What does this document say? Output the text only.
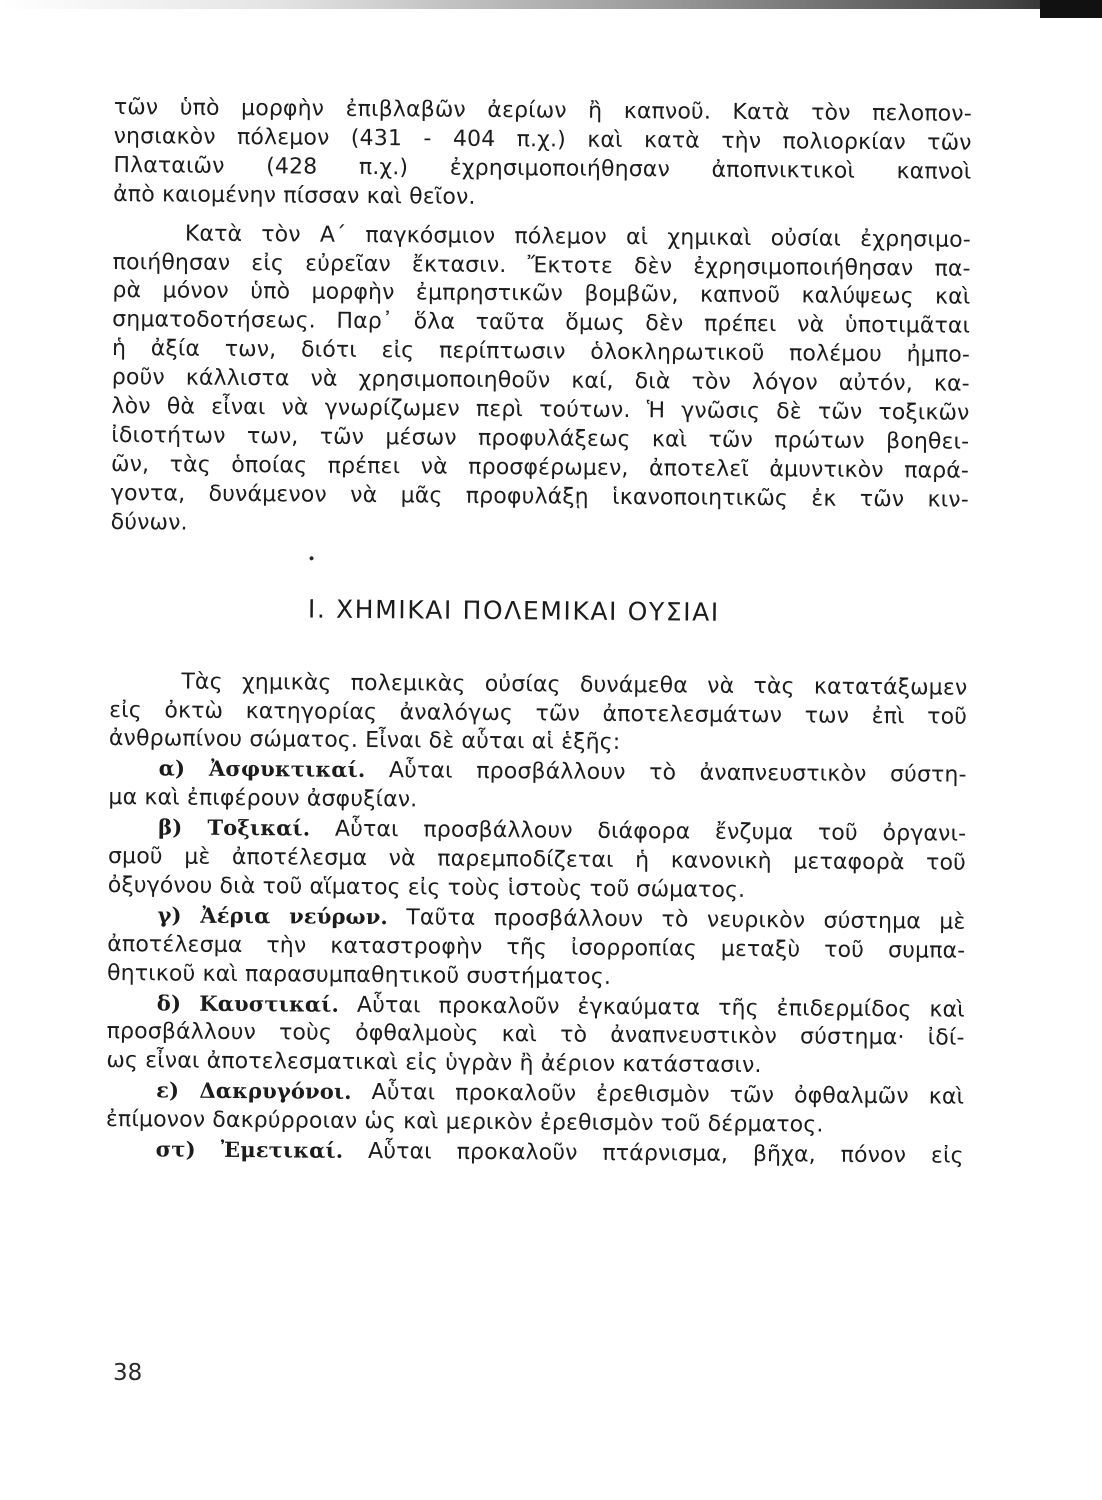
τῶν ὑπὸ μορφὴν ἐπιβλαβῶν ἀερίων ἢ καπνοῦ. Κατὰ τὸν πελοπον-
νησιακὸν πόλεμον (431 - 404 π.χ.) καὶ κατὰ τὴν πολιορκίαν τῶν
Πλαταιῶν (428 π.χ.) ἐχρησιμοποιήθησαν ἀποπνικτικοὶ καπνοὶ
ἀπὸ καιομένην πίσσαν καὶ θεῖον.
Κατὰ τὸν Α΄ παγκόσμιον πόλεμον αἱ χημικαὶ οὐσίαι ἐχρησιμο-
ποιήθησαν εἰς εὐρεῖαν ἔκτασιν. Ἔκτοτε δὲν ἐχρησιμοποιήθησαν πα-
ρὰ μόνον ὑπὸ μορφὴν ἐμπρηστικῶν βομβῶν, καπνοῦ καλύψεως καὶ
σηματοδοτήσεως. Παρ᾽ ὅλα ταῦτα ὅμως δὲν πρέπει νὰ ὑποτιμᾶται
ἡ ἀξία των, διότι εἰς περίπτωσιν ὁλοκληρωτικοῦ πολέμου ἠμπο-
ροῦν κάλλιστα νὰ χρησιμοποιηθοῦν καί, διὰ τὸν λόγον αὐτόν, κα-
λὸν θὰ εἶναι νὰ γνωρίζωμεν περὶ τούτων. Ἡ γνῶσις δὲ τῶν τοξικῶν
ἰδιοτήτων των, τῶν μέσων προφυλάξεως καὶ τῶν πρώτων βοηθει-
ῶν, τὰς ὁποίας πρέπει νὰ προσφέρωμεν, ἀποτελεῖ ἀμυντικὸν παρά-
γοντα, δυνάμενον νὰ μᾶς προφυλάξῃ ἱκανοποιητικῶς ἐκ τῶν κιν-
δύνων.
•
Ι. ΧΗΜΙΚΑΙ ΠΟΛΕΜΙΚΑΙ ΟΥΣΙΑΙ
Τὰς χημικὰς πολεμικὰς οὐσίας δυνάμεθα νὰ τὰς κατατάξωμεν
εἰς ὀκτὼ κατηγορίας ἀναλόγως τῶν ἀποτελεσμάτων των ἐπὶ τοῦ
ἀνθρωπίνου σώματος. Εἶναι δὲ αὗται αἱ ἑξῆς:
α) Ἀσφυκτικαί. Αὗται προσβάλλουν τὸ ἀναπνευστικὸν σύστη-
μα καὶ ἐπιφέρουν ἀσφυξίαν.
β) Τοξικαί. Αὗται προσβάλλουν διάφορα ἔνζυμα τοῦ ὀργανι-
σμοῦ μὲ ἀποτέλεσμα νὰ παρεμποδίζεται ἡ κανονικὴ μεταφορὰ τοῦ
ὀξυγόνου διὰ τοῦ αἵματος εἰς τοὺς ἱστοὺς τοῦ σώματος.
γ) Ἀέρια νεύρων. Ταῦτα προσβάλλουν τὸ νευρικὸν σύστημα μὲ
ἀποτέλεσμα τὴν καταστροφὴν τῆς ἰσορροπίας μεταξὺ τοῦ συμπα-
θητικοῦ καὶ παρασυμπαθητικοῦ συστήματος.
δ) Καυστικαί. Αὗται προκαλοῦν ἐγκαύματα τῆς ἐπιδερμίδος καὶ
προσβάλλουν τοὺς ὀφθαλμοὺς καὶ τὸ ἀναπνευστικὸν σύστημα· ἰδί-
ως εἶναι ἀποτελεσματικαὶ εἰς ὑγρὰν ἢ ἀέριον κατάστασιν.
ε) Δακρυγόνοι. Αὗται προκαλοῦν ἐρεθισμὸν τῶν ὀφθαλμῶν καὶ
ἐπίμονον δακρύρροιαν ὡς καὶ μερικὸν ἐρεθισμὸν τοῦ δέρματος.
στ) Ἐμετικαί. Αὗται προκαλοῦν πτάρνισμα, βῆχα, πόνον εἰς
38
